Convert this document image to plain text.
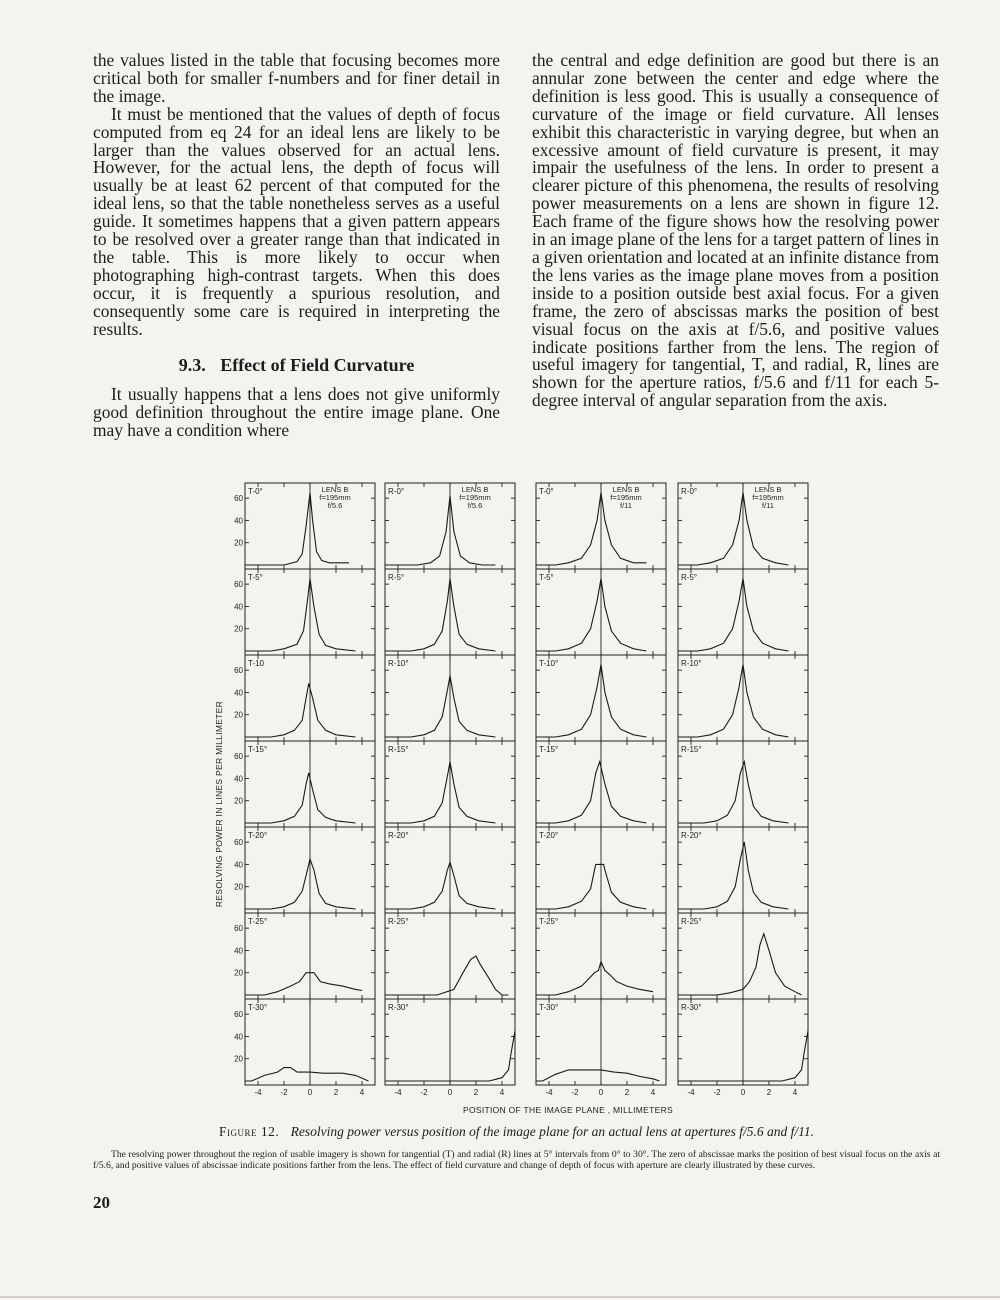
the values listed in the table that focusing becomes more critical both for smaller f-numbers and for finer detail in the image.

It must be mentioned that the values of depth of focus computed from eq 24 for an ideal lens are likely to be larger than the values observed for an actual lens. However, for the actual lens, the depth of focus will usually be at least 62 percent of that computed for the ideal lens, so that the table nonetheless serves as a useful guide. It sometimes happens that a given pattern appears to be resolved over a greater range than that indicated in the table. This is more likely to occur when photographing high-contrast targets. When this does occur, it is frequently a spurious resolution, and consequently some care is required in interpreting the results.

9.3. Effect of Field Curvature

It usually happens that a lens does not give uniformly good definition throughout the entire image plane. One may have a condition where

the central and edge definition are good but there is an annular zone between the center and edge where the definition is less good. This is usually a consequence of curvature of the image or field curvature. All lenses exhibit this characteristic in varying degree, but when an excessive amount of field curvature is present, it may impair the usefulness of the lens. In order to present a clearer picture of this phenomena, the results of resolving power measurements on a lens are shown in figure 12. Each frame of the figure shows how the resolving power in an image plane of the lens for a target pattern of lines in a given orientation and located at an infinite distance from the lens varies as the image plane moves from a position inside to a position outside best axial focus. For a given frame, the zero of abscissas marks the position of best visual focus on the axis at f/5.6, and positive values indicate positions farther from the lens. The region of useful imagery for tangential, T, and radial, R, lines are shown for the aperture ratios, f/5.6 and f/11 for each 5-degree interval of angular separation from the axis.

T-0°
60
40
20
LENS B
f=195mm
f/5.6
R-0°	LENS B
f=195mm
f/5.6
T-0°	LENS B
f=195mm
f/11
R-0°	LENS B
f=195mm
f/11
T-5°
60
40
20
R-5°	T-5°	R-5°
T-10
60
40
20
R-10°	T-10°	R-10°
T-15°
60
40
20
R-15°	T-15°	R-15°
T-20°
60
40
20
R-20°	T-20°	R-20°
T-25°
60
40
20
R-25°	T-25°	R-25°
T-30°
60
40
20
-4 -2	0	2	4
R-30°
-4 -2	0	2	4
T-30°
-4 -2	0	2	4
R-30°
-4 -2	0	2	4
RESOLVING POWER IN LINES PER MILLIMETER
POSITION OF THE IMAGE PLANE , MILLIMETERS

Figure 12. Resolving power versus position of the image plane for an actual lens at apertures f/5.6 and f/11.

The resolving power throughout the region of usable imagery is shown for tangential (T) and radial (R) lines at 5° intervals from 0° to 30°. The zero of abscissae marks the position of best visual focus on the axis at f/5.6, and positive values of abscissae indicate positions farther from the lens. The effect of field curvature and change of depth of focus with aperture are clearly illustrated by these curves.

20
